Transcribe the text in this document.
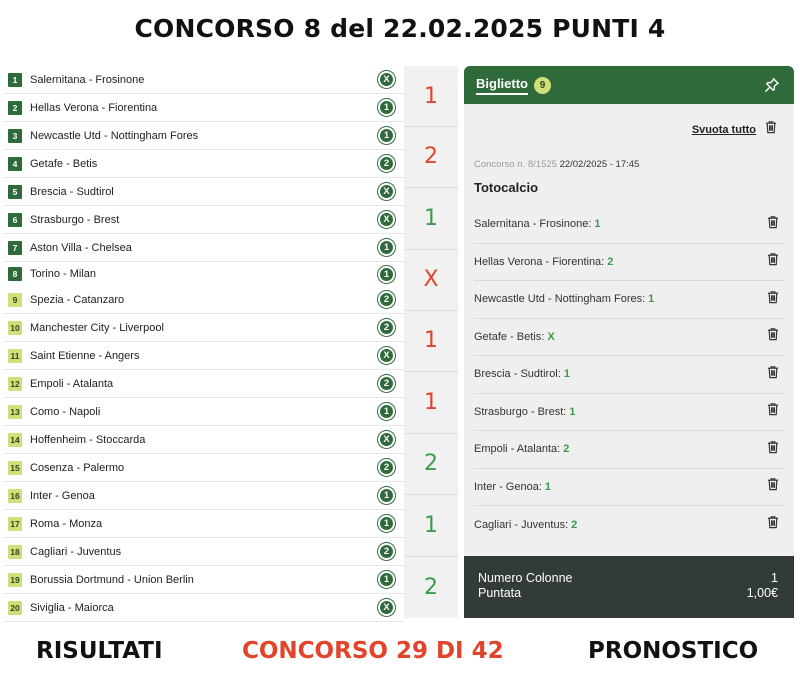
CONCORSO 8 del 22.02.2025 PUNTI 4
1	Salernitana - Frosinone	X
2	Hellas Verona - Fiorentina	1
3	Newcastle Utd - Nottingham Fores	1
4	Getafe - Betis	2
5	Brescia - Sudtirol	X
6	Strasburgo - Brest	X
7	Aston Villa - Chelsea	1
8	Torino - Milan	1
9	Spezia - Catanzaro	2
10 Manchester City - Liverpool	2
11 Saint Etienne - Angers	X
12 Empoli - Atalanta	2
13 Como - Napoli	1
14 Hoffenheim - Stoccarda	X
15 Cosenza - Palermo	2
16 Inter - Genoa	1
17 Roma - Monza	1
18 Cagliari - Juventus	2
19 Borussia Dortmund - Union Berlin	1
20 Siviglia - Maiorca	X
1
2
1
X
1
1
2
1
2
Biglietto	9
Svuota tutto
Concorso n. 8/1525 22/02/2025 - 17:45
Totocalcio
Salernitana - Frosinone: 1
Hellas Verona - Fiorentina: 2
Newcastle Utd - Nottingham Fores: 1
Getafe - Betis: X
Brescia - Sudtirol: 1
Strasburgo - Brest: 1
Empoli - Atalanta: 2
Inter - Genoa: 1
Cagliari - Juventus: 2
Numero Colonne	1
Puntata	1,00€
RISULTATI	CONCORSO 29 DI 42	PRONOSTICO
